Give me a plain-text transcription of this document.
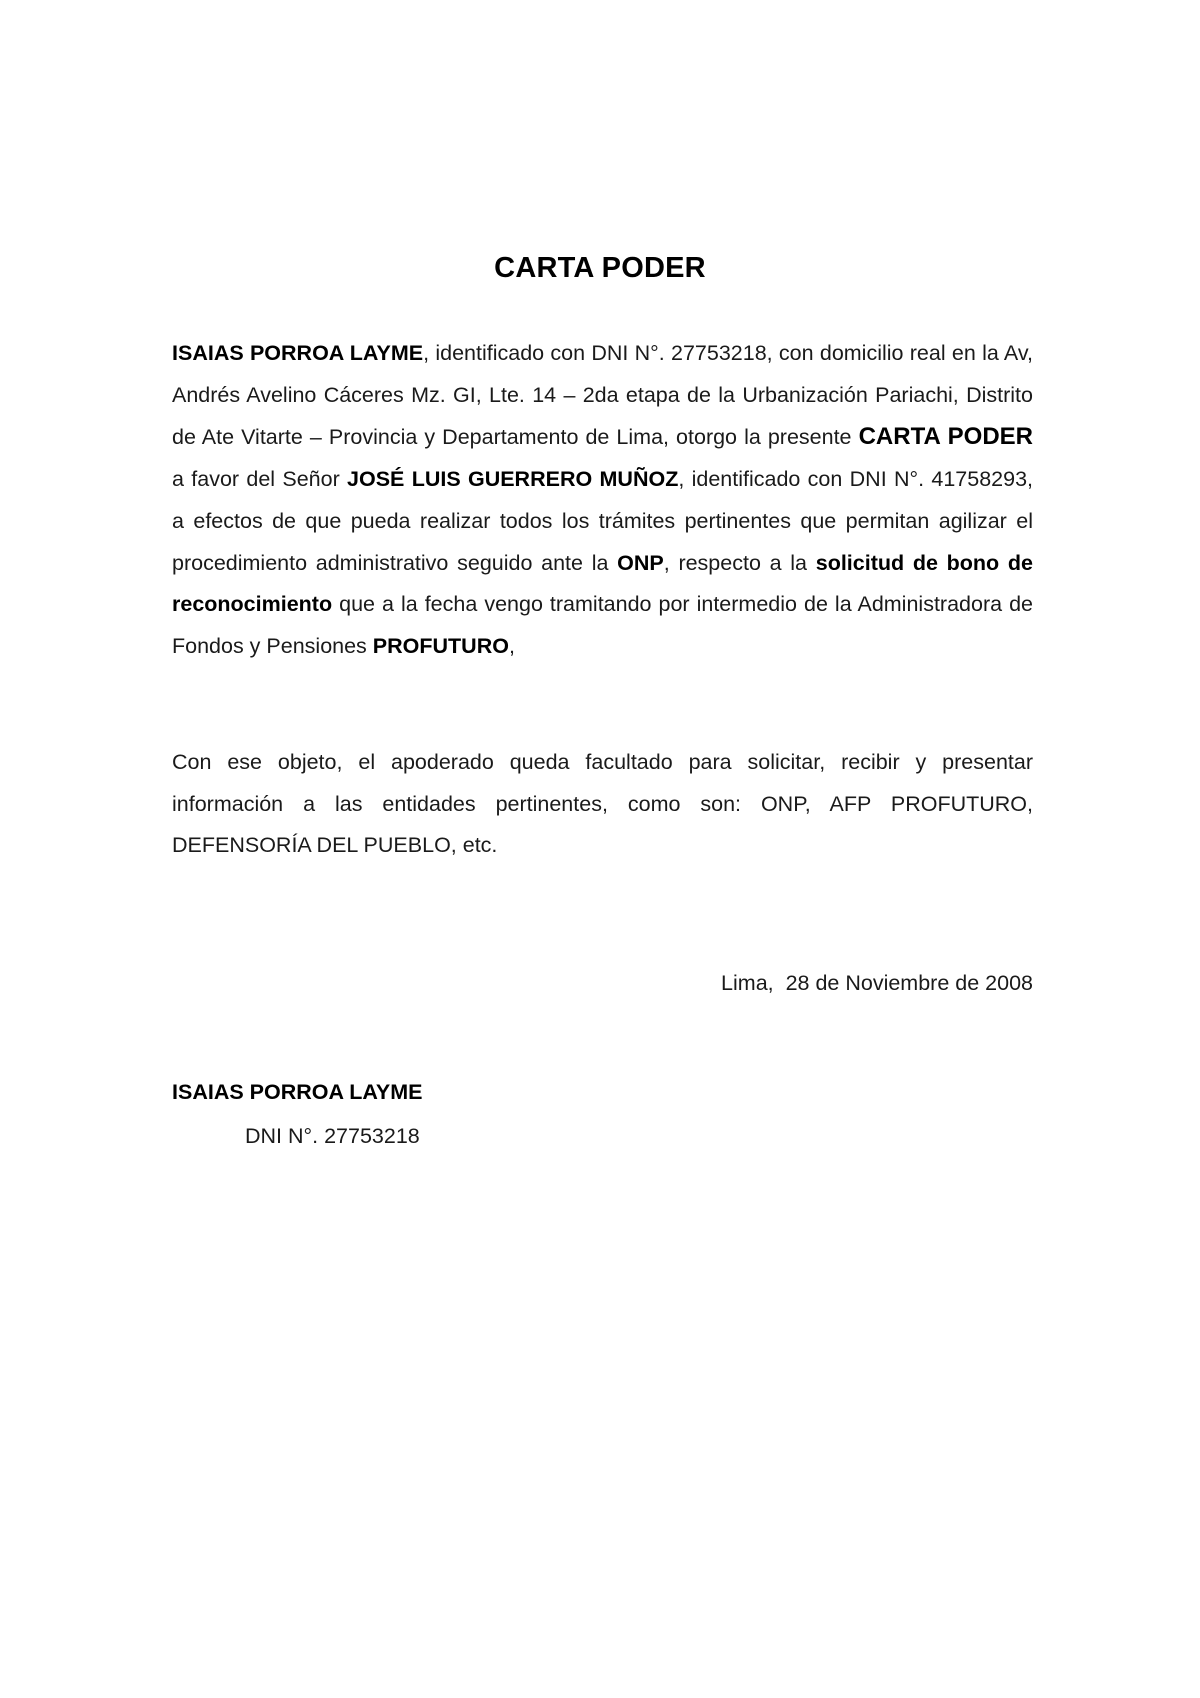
CARTA PODER
ISAIAS PORROA LAYME, identificado con DNI N°. 27753218, con domicilio real en la Av, Andrés Avelino Cáceres Mz. GI, Lte. 14 – 2da etapa de la Urbanización Pariachi, Distrito de Ate Vitarte – Provincia y Departamento de Lima, otorgo la presente CARTA PODER a favor del Señor JOSÉ LUIS GUERRERO MUÑOZ, identificado con DNI N°. 41758293, a efectos de que pueda realizar todos los trámites pertinentes que permitan agilizar el procedimiento administrativo seguido ante la ONP, respecto a la solicitud de bono de reconocimiento que a la fecha vengo tramitando por intermedio de la Administradora de Fondos y Pensiones PROFUTURO,
Con ese objeto, el apoderado queda facultado para solicitar, recibir y presentar información a las entidades pertinentes, como son: ONP, AFP PROFUTURO, DEFENSORÍA DEL PUEBLO, etc.
Lima,  28 de Noviembre de 2008
ISAIAS PORROA LAYME
DNI N°. 27753218
